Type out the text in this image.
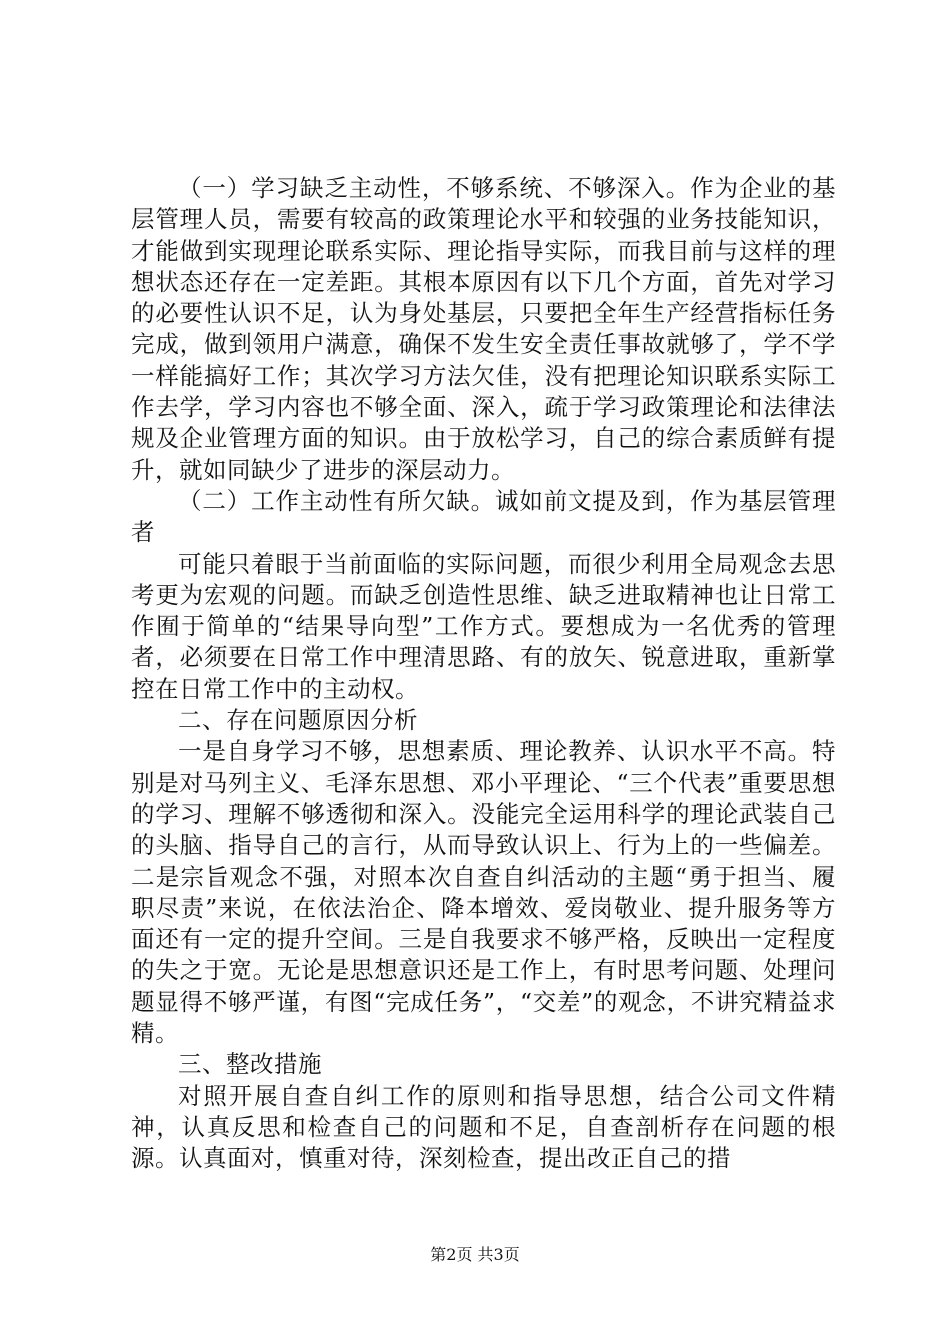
（一）学习缺乏主动性，不够系统、不够深入。作为企业的基层管理人员，需要有较高的政策理论水平和较强的业务技能知识，才能做到实现理论联系实际、理论指导实际，而我目前与这样的理想状态还存在一定差距。其根本原因有以下几个方面，首先对学习的必要性认识不足，认为身处基层，只要把全年生产经营指标任务完成，做到领用户满意，确保不发生安全责任事故就够了，学不学一样能搞好工作；其次学习方法欠佳，没有把理论知识联系实际工作去学，学习内容也不够全面、深入，疏于学习政策理论和法律法规及企业管理方面的知识。由于放松学习，自己的综合素质鲜有提升，就如同缺少了进步的深层动力。

（二）工作主动性有所欠缺。诚如前文提及到，作为基层管理者

可能只着眼于当前面临的实际问题，而很少利用全局观念去思考更为宏观的问题。而缺乏创造性思维、缺乏进取精神也让日常工作囿于简单的“结果导向型”工作方式。要想成为一名优秀的管理者，必须要在日常工作中理清思路、有的放矢、锐意进取，重新掌控在日常工作中的主动权。

二、存在问题原因分析

一是自身学习不够，思想素质、理论教养、认识水平不高。特别是对马列主义、毛泽东思想、邓小平理论、“三个代表”重要思想的学习、理解不够透彻和深入。没能完全运用科学的理论武装自己的头脑、指导自己的言行，从而导致认识上、行为上的一些偏差。二是宗旨观念不强，对照本次自查自纠活动的主题“勇于担当、履职尽责”来说，在依法治企、降本增效、爱岗敬业、提升服务等方面还有一定的提升空间。三是自我要求不够严格，反映出一定程度的失之于宽。无论是思想意识还是工作上，有时思考问题、处理问题显得不够严谨，有图“完成任务”，“交差”的观念，不讲究精益求精。

三、整改措施

对照开展自查自纠工作的原则和指导思想，结合公司文件精神，认真反思和检查自己的问题和不足，自查剖析存在问题的根源。认真面对，慎重对待，深刻检查，提出改正自己的措

第2页 共3页
